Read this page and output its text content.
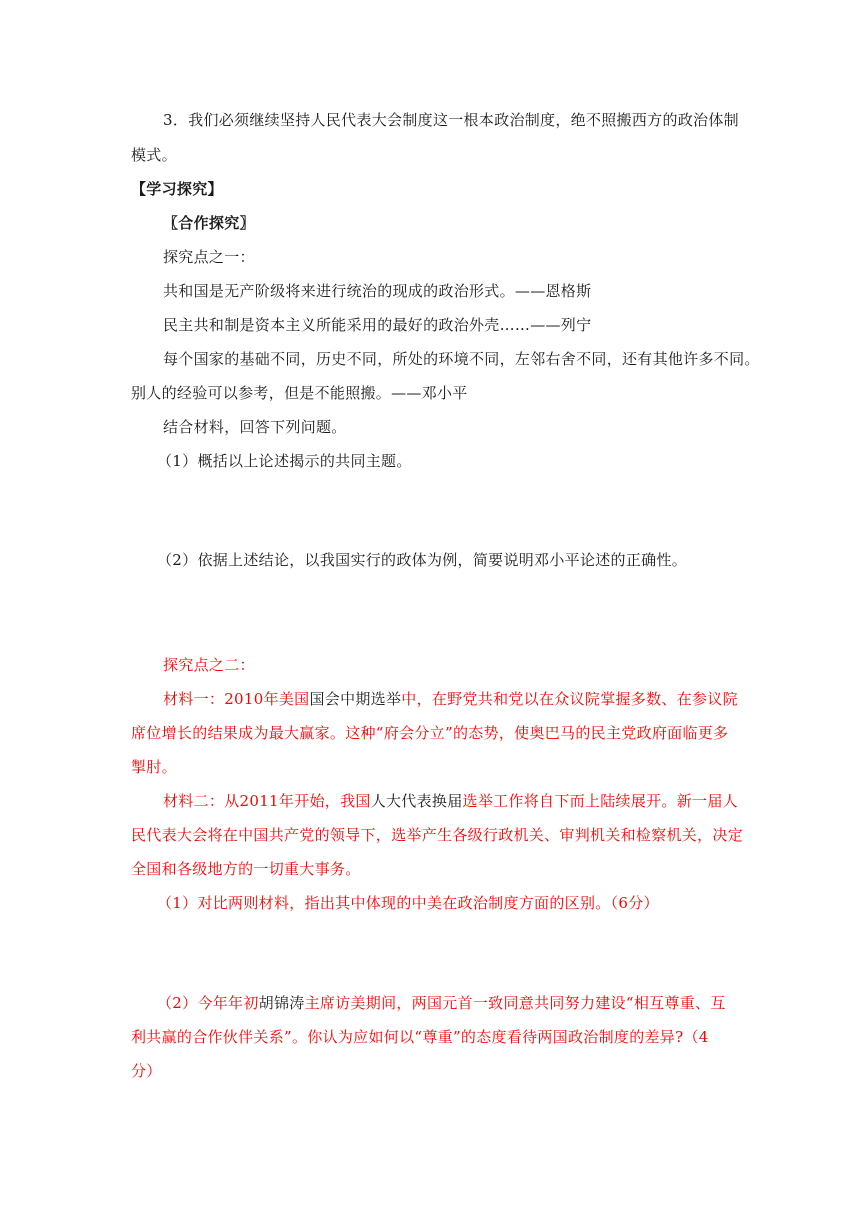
3．我们必须继续坚持人民代表大会制度这一根本政治制度，绝不照搬西方的政治体制
模式。
【学习探究】
〖合作探究〗
探究点之一：
共和国是无产阶级将来进行统治的现成的政治形式。——恩格斯
民主共和制是资本主义所能采用的最好的政治外壳……——列宁
每个国家的基础不同，历史不同，所处的环境不同，左邻右舍不同，还有其他许多不同。
别人的经验可以参考，但是不能照搬。——邓小平
结合材料，回答下列问题。
（1）概括以上论述揭示的共同主题。
（2）依据上述结论，以我国实行的政体为例，简要说明邓小平论述的正确性。
探究点之二：
材料一：2010年美国国会中期选举中，在野党共和党以在众议院掌握多数、在参议院
席位增长的结果成为最大赢家。这种“府会分立”的态势，使奥巴马的民主党政府面临更多
掣肘。
材料二：从2011年开始，我国人大代表换届选举工作将自下而上陆续展开。新一届人
民代表大会将在中国共产党的领导下，选举产生各级行政机关、审判机关和检察机关，决定
全国和各级地方的一切重大事务。
（1）对比两则材料，指出其中体现的中美在政治制度方面的区别。（6分）
（2）今年年初胡锦涛主席访美期间，两国元首一致同意共同努力建设“相互尊重、互
利共赢的合作伙伴关系”。你认为应如何以“尊重”的态度看待两国政治制度的差异?（4
分）
